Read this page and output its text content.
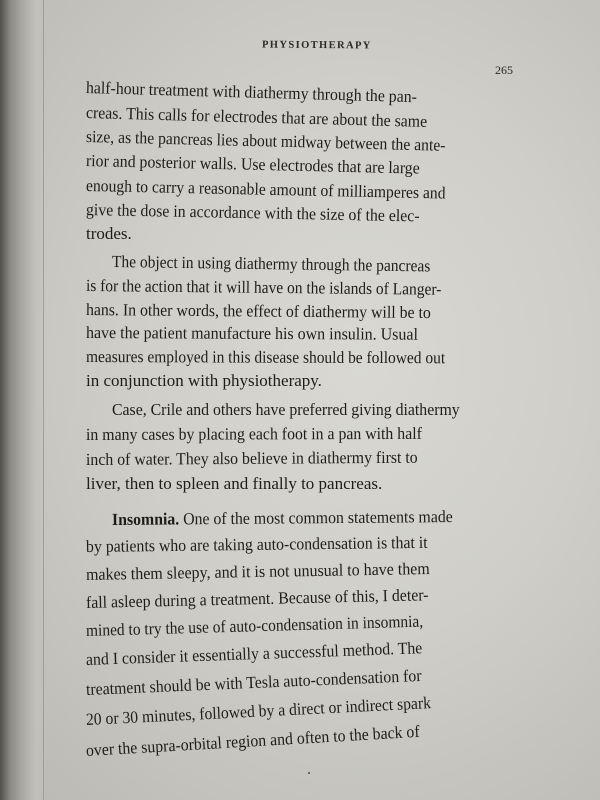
PHYSIOTHERAPY
265
half-hour treatment with diathermy through the pan-
creas. This calls for electrodes that are about the same
size, as the pancreas lies about midway between the ante-
rior and posterior walls. Use electrodes that are large
enough to carry a reasonable amount of milliamperes and
give the dose in accordance with the size of the elec-
trodes.
The object in using diathermy through the pancreas
is for the action that it will have on the islands of Langer-
hans. In other words, the effect of diathermy will be to
have the patient manufacture his own insulin. Usual
measures employed in this disease should be followed out
in conjunction with physiotherapy.
Case, Crile and others have preferred giving diathermy
in many cases by placing each foot in a pan with half
inch of water. They also believe in diathermy first to
liver, then to spleen and finally to pancreas.
Insomnia. One of the most common statements made
by patients who are taking auto-condensation is that it
makes them sleepy, and it is not unusual to have them
fall asleep during a treatment. Because of this, I deter-
mined to try the use of auto-condensation in insomnia,
and I consider it essentially a successful method. The
treatment should be with Tesla auto-condensation for
20 or 30 minutes, followed by a direct or indirect spark
over the supra-orbital region and often to the back of
